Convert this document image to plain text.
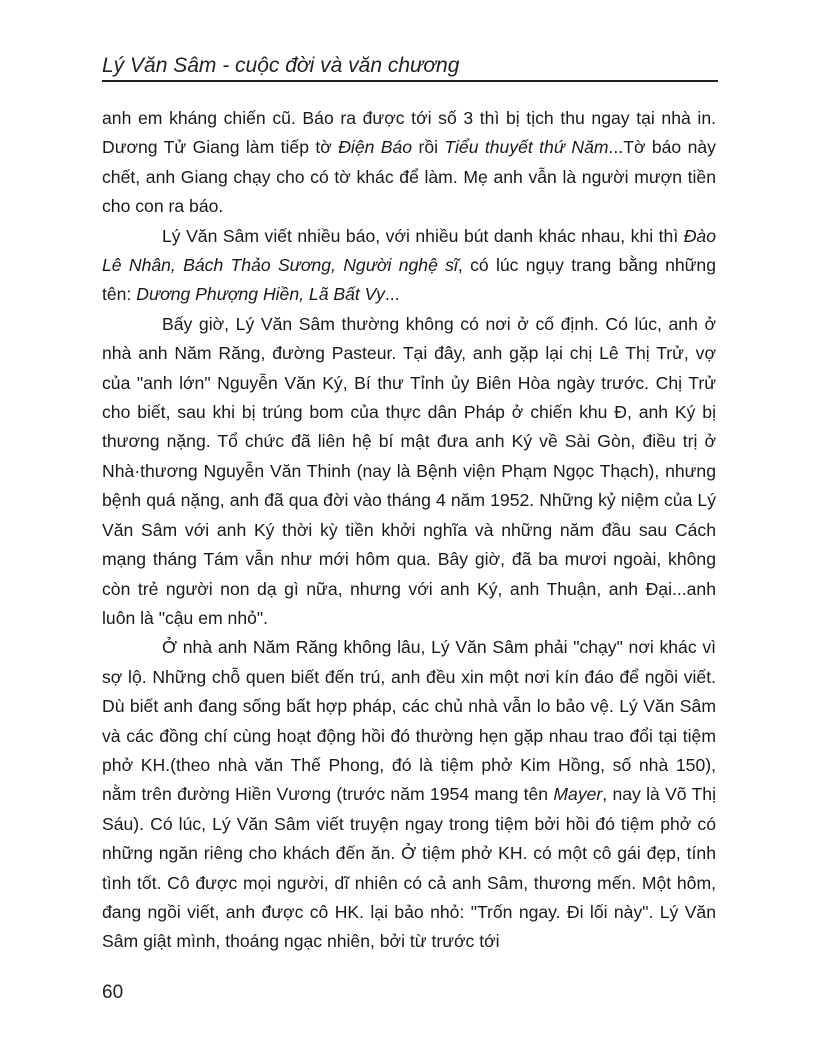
Lý Văn Sâm - cuộc đời và văn chương

anh em kháng chiến cũ. Báo ra được tới số 3 thì bị tịch thu ngay tại nhà in. Dương Tử Giang làm tiếp tờ Điện Báo rồi Tiểu thuyết thứ Năm...Tờ báo này chết, anh Giang chạy cho có tờ khác để làm. Mẹ anh vẫn là người mượn tiền cho con ra báo.

Lý Văn Sâm viết nhiều báo, với nhiều bút danh khác nhau, khi thì Đào Lê Nhân, Bách Thảo Sương, Người nghệ sĩ, có lúc ngụy trang bằng những tên: Dương Phượng Hiền, Lã Bất Vy...

Bấy giờ, Lý Văn Sâm thường không có nơi ở cố định. Có lúc, anh ở nhà anh Năm Răng, đường Pasteur. Tại đây, anh gặp lại chị Lê Thị Trử, vợ của "anh lớn" Nguyễn Văn Ký, Bí thư Tỉnh ủy Biên Hòa ngày trước. Chị Trử cho biết, sau khi bị trúng bom của thực dân Pháp ở chiến khu Đ, anh Ký bị thương nặng. Tổ chức đã liên hệ bí mật đưa anh Ký về Sài Gòn, điều trị ở Nhà·thương Nguyễn Văn Thinh (nay là Bệnh viện Phạm Ngọc Thạch), nhưng bệnh quá nặng, anh đã qua đời vào tháng 4 năm 1952. Những kỷ niệm của Lý Văn Sâm với anh Ký thời kỳ tiền khởi nghĩa và những năm đầu sau Cách mạng tháng Tám vẫn như mới hôm qua. Bây giờ, đã ba mươi ngoài, không còn trẻ người non dạ gì nữa, nhưng với anh Ký, anh Thuận, anh Đại...anh luôn là "cậu em nhỏ".

Ở nhà anh Năm Răng không lâu, Lý Văn Sâm phải "chạy" nơi khác vì sợ lộ. Những chỗ quen biết đến trú, anh đều xin một nơi kín đáo để ngồi viết. Dù biết anh đang sống bất hợp pháp, các chủ nhà vẫn lo bảo vệ. Lý Văn Sâm và các đồng chí cùng hoạt động hồi đó thường hẹn gặp nhau trao đổi tại tiệm phở KH.(theo nhà văn Thế Phong, đó là tiệm phở Kim Hồng, số nhà 150), nằm trên đường Hiền Vương (trước năm 1954 mang tên Mayer, nay là Võ Thị Sáu). Có lúc, Lý Văn Sâm viết truyện ngay trong tiệm bởi hồi đó tiệm phở có những ngăn riêng cho khách đến ăn. Ở tiệm phở KH. có một cô gái đẹp, tính tình tốt. Cô được mọi người, dĩ nhiên có cả anh Sâm, thương mến. Một hôm, đang ngồi viết, anh được cô HK. lại bảo nhỏ: "Trốn ngay. Đi lối này". Lý Văn Sâm giật mình, thoáng ngạc nhiên, bởi từ trước tới

60
